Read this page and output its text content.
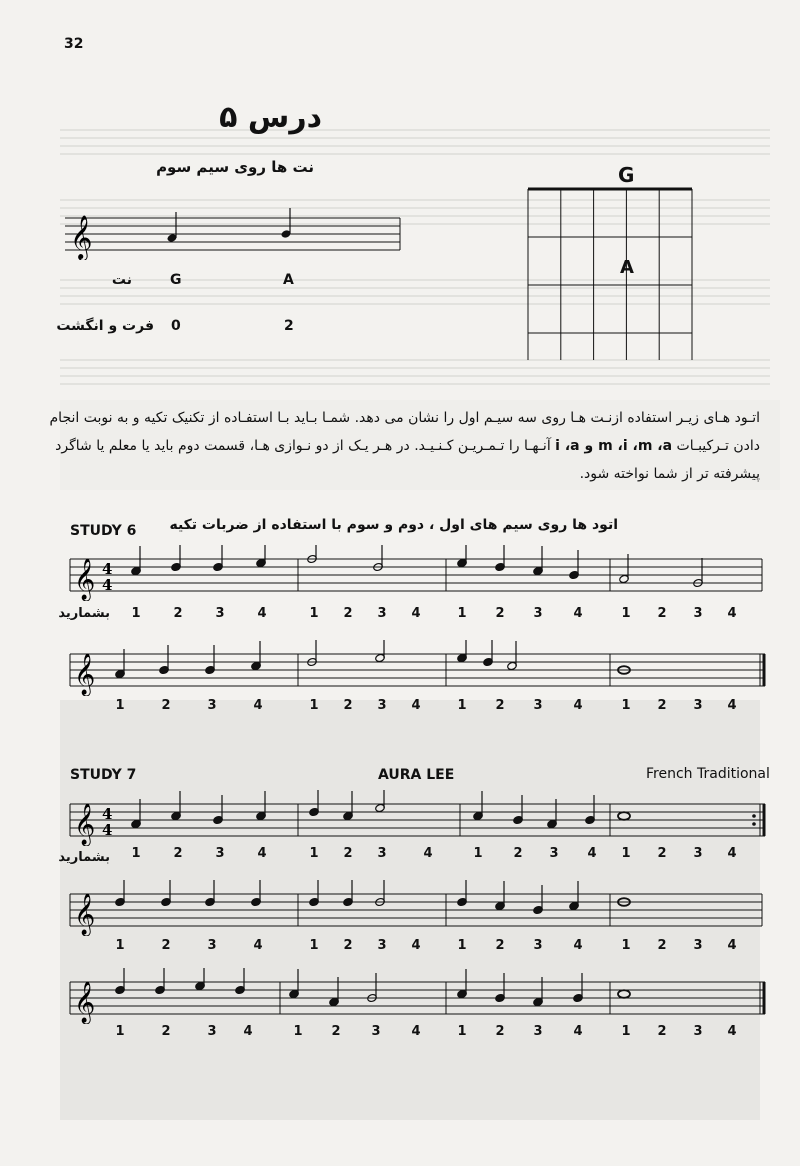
32
درس ۵
نت ها روی سیم سوم
𝄞
نت	G	A
فرت و انگشت 0	2
G
A
اتـود هـای زیـر استفاده ازنـت هـا روی سه سیـم اول را نشان می دهد. شمـا بـاید بـا استفـاده از تکنیک تکیه و به نوبت انجام
دادن تـرکیبـات m ،i ،m ،a و i ،a آنـهـا را تـمـریـن کـنـیـد. در هـر یـک از دو نـوازی هـا، قسمت دوم باید یا معلم یا شاگرد
پیشرفته تر از شما نواخته شود.
STUDY 6 اتود ها روی سیم های اول ، دوم و سوم با استفاده از ضربات تکیه
𝄞 4
4
بشمارید	1	2	3	4	1	2	3	4	1	2	3	4	1	2	3	4
𝄞
1	2	3	4	1	2	3	4	1	2	3	4	1	2	3	4
STUDY 7	AURA LEE	French Traditional
𝄞 4
4
بشمارید	1	2	3	4	1	2	3	4	1	2	3	4	1	2	3	4
𝄞
1	2	3	4	1	2	3	4	1	2	3	4	1	2	3	4
𝄞
1	2	3	4	1	2	3	4	1	2	3	4	1	2	3	4
